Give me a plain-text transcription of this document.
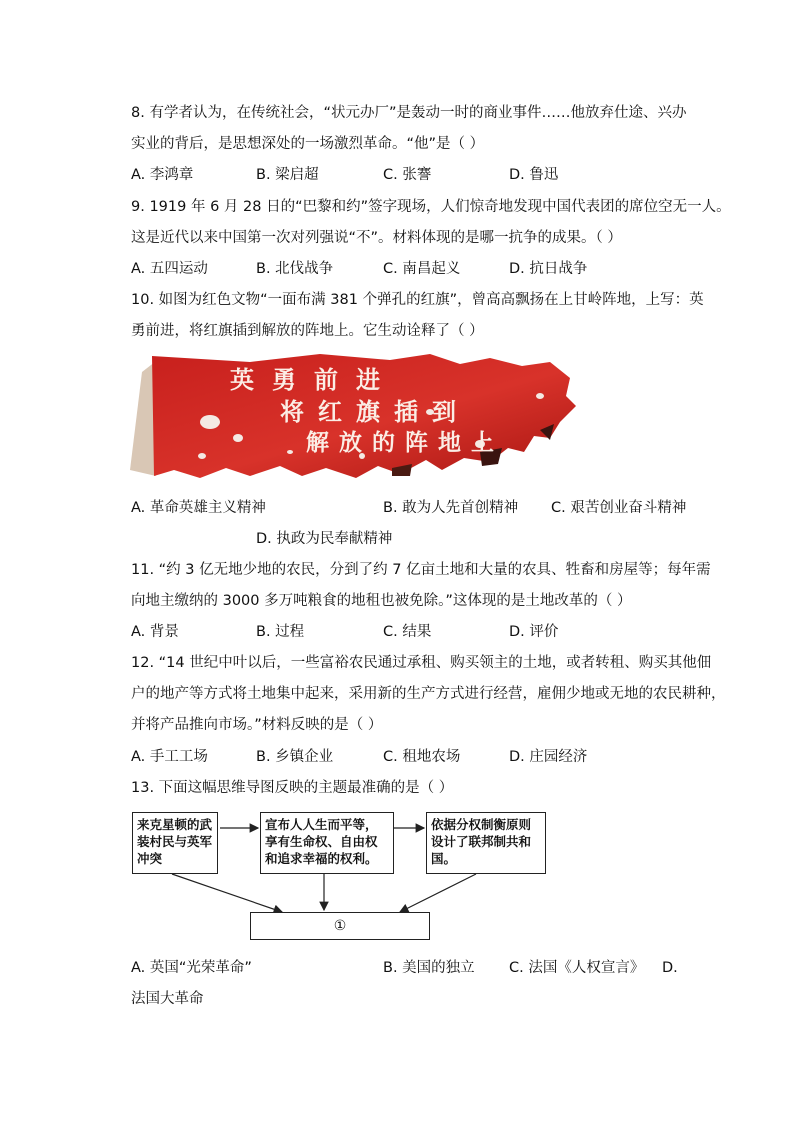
8. 有学者认为，在传统社会，“状元办厂”是轰动一时的商业事件……他放弃仕途、兴办
实业的背后，是思想深处的一场激烈革命。“他”是（ ）
A. 李鸿章	B. 梁启超	C. 张謇	D. 鲁迅
9. 1919 年 6 月 28 日的“巴黎和约”签字现场，人们惊奇地发现中国代表团的席位空无一人。
这是近代以来中国第一次对列强说“不”。材料体现的是哪一抗争的成果。（ ）
A. 五四运动	B. 北伐战争	C. 南昌起义	D. 抗日战争
10. 如图为红色文物“一面布满 381 个弹孔的红旗”，曾高高飘扬在上甘岭阵地，上写：英
勇前进，将红旗插到解放的阵地上。它生动诠释了（ ）
英勇前进
将红旗插到
解放的阵地上
A. 革命英雄主义精神	B. 敢为人先首创精神 C. 艰苦创业奋斗精神
D. 执政为民奉献精神
11. “约 3 亿无地少地的农民，分到了约 7 亿亩土地和大量的农具、牲畜和房屋等；每年需
向地主缴纳的 3000 多万吨粮食的地租也被免除。”这体现的是土地改革的（ ）
A. 背景	B. 过程	C. 结果	D. 评价
12. “14 世纪中叶以后，一些富裕农民通过承租、购买领主的土地，或者转租、购买其他佃
户的地产等方式将土地集中起来，采用新的生产方式进行经营，雇佣少地或无地的农民耕种，
并将产品推向市场。”材料反映的是（ ）
A. 手工工场	B. 乡镇企业	C. 租地农场	D. 庄园经济
13. 下面这幅思维导图反映的主题最准确的是（ ）
来克星顿的武装村民与英军冲突
宣布人人生而平等，享有生命权、自由权和追求幸福的权利。
依据分权制衡原则设计了联邦制共和国。
①
A. 英国“光荣革命”	B. 美国的独立 C. 法国《人权宣言》 D.
法国大革命
